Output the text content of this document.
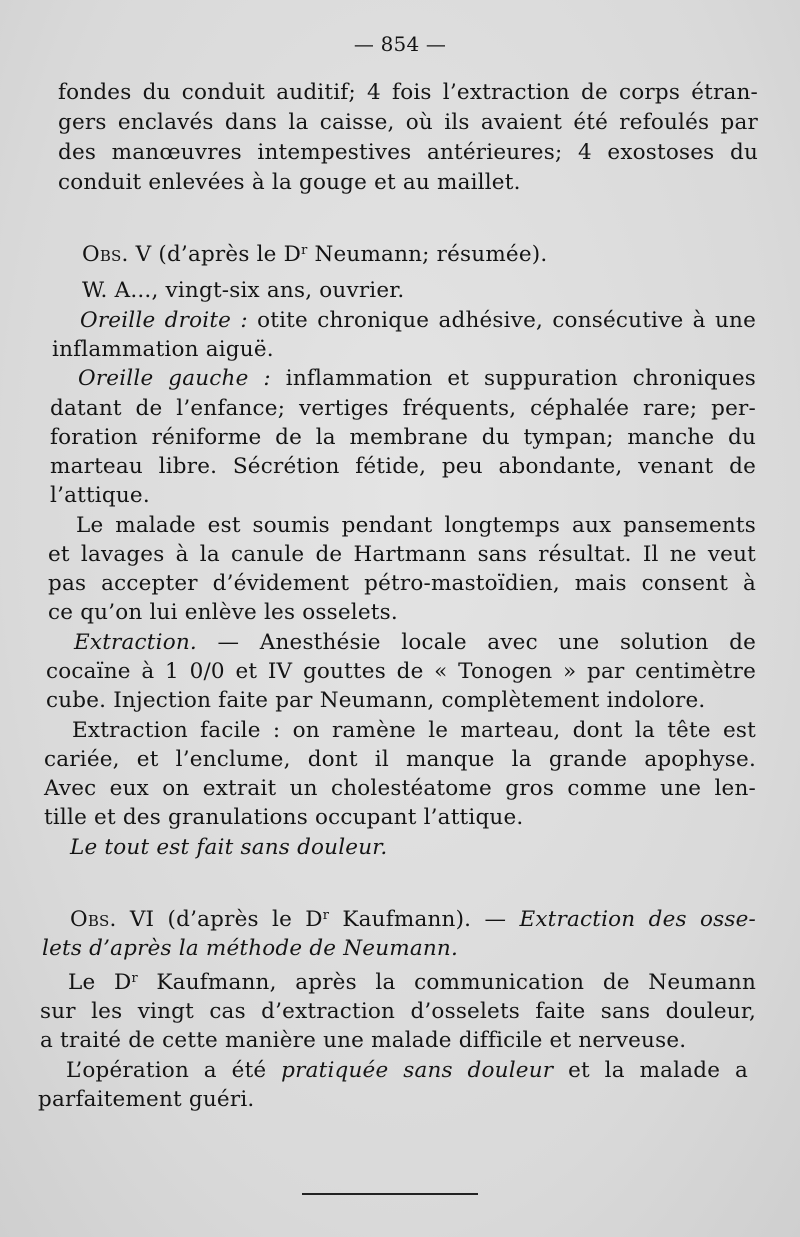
— 854 —
fondes du conduit auditif; 4 fois l’extraction de corps étran-
gers enclavés dans la caisse, où ils avaient été refoulés par
des manœuvres intempestives antérieures; 4 exostoses du
conduit enlevées à la gouge et au maillet.
Obs. V (d’après le $D^r$ Neumann; résumée).
W. A..., vingt-six ans, ouvrier.
Oreille droite : otite chronique adhésive, consécutive à une
inflammation aiguë.
Oreille gauche : inflammation et suppuration chroniques
datant de l’enfance; vertiges fréquents, céphalée rare; per-
foration réniforme de la membrane du tympan; manche du
marteau libre. Sécrétion fétide, peu abondante, venant de
l’attique.
Le malade est soumis pendant longtemps aux pansements
et lavages à la canule de Hartmann sans résultat. Il ne veut
pas accepter d’évidement pétro-mastoïdien, mais consent à
ce qu’on lui enlève les osselets.
Extraction. — Anesthésie locale avec une solution de
cocaïne à 1 0/0 et IV gouttes de « Tonogen » par centimètre
cube. Injection faite par Neumann, complètement indolore.
Extraction facile : on ramène le marteau, dont la tête est
cariée, et l’enclume, dont il manque la grande apophyse.
Avec eux on extrait un cholestéatome gros comme une len-
tille et des granulations occupant l’attique.
Le tout est fait sans douleur.
Obs. VI (d’après le $D^r$ Kaufmann). — Extraction des osse-
lets d’après la méthode de Neumann.
Le $D^r$ Kaufmann, après la communication de Neumann
sur les vingt cas d’extraction d’osselets faite sans douleur,
a traité de cette manière une malade difficile et nerveuse.
L’opération a été pratiquée sans douleur et la malade a
parfaitement guéri.
